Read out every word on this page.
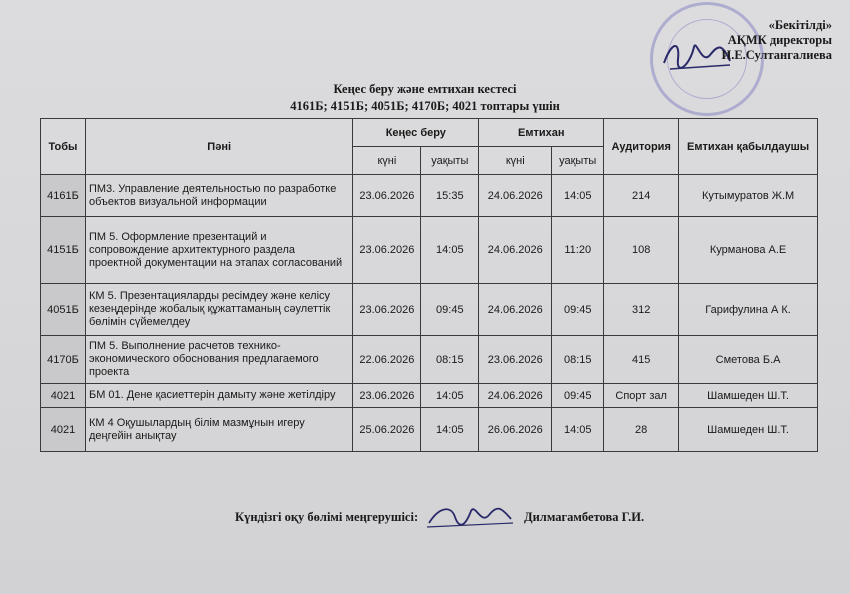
«Бекітілді»
АҚМК директоры
И.Е.Султангалиева
Кеңес беру және емтихан кестесі
4161Б; 4151Б; 4051Б; 4170Б; 4021 топтары үшін
Тобы	Пәні	Кеңес беру		Емтихан		Аудитория	Емтихан қабылдаушы
		күні	уақыты	күні	уақыты		
4161Б	ПМ3. Управление деятельностью по разработке объектов визуальной информации	23.06.2026	15:35	24.06.2026	14:05	214	Кутымуратов Ж.М
4151Б	ПМ 5. Оформление презентаций и сопровождение архитектурного раздела проектной документации на этапах согласований	23.06.2026	14:05	24.06.2026	11:20	108	Курманова А.Е
4051Б	КМ 5. Презентацияларды ресімдеу және келісу кезеңдерінде жобалық құжаттаманың сәулеттік бөлімін сүйемелдеу	23.06.2026	09:45	24.06.2026	09:45	312	Гарифулина А К.
4170Б	ПМ 5. Выполнение расчетов технико-экономического обоснования предлагаемого проекта	22.06.2026	08:15	23.06.2026	08:15	415	Сметова Б.А
4021	БМ 01. Дене қасиеттерін дамыту және жетілдіру	23.06.2026	14:05	24.06.2026	09:45	Спорт зал	Шамшеден Ш.Т.
4021	КМ 4 Оқушылардың білім мазмұнын игеру деңгейін анықтау	25.06.2026	14:05	26.06.2026	14:05	28	Шамшеден Ш.Т.
Күндізгі оқу бөлімі меңгерушісі:	Дилмагамбетова Г.И.
